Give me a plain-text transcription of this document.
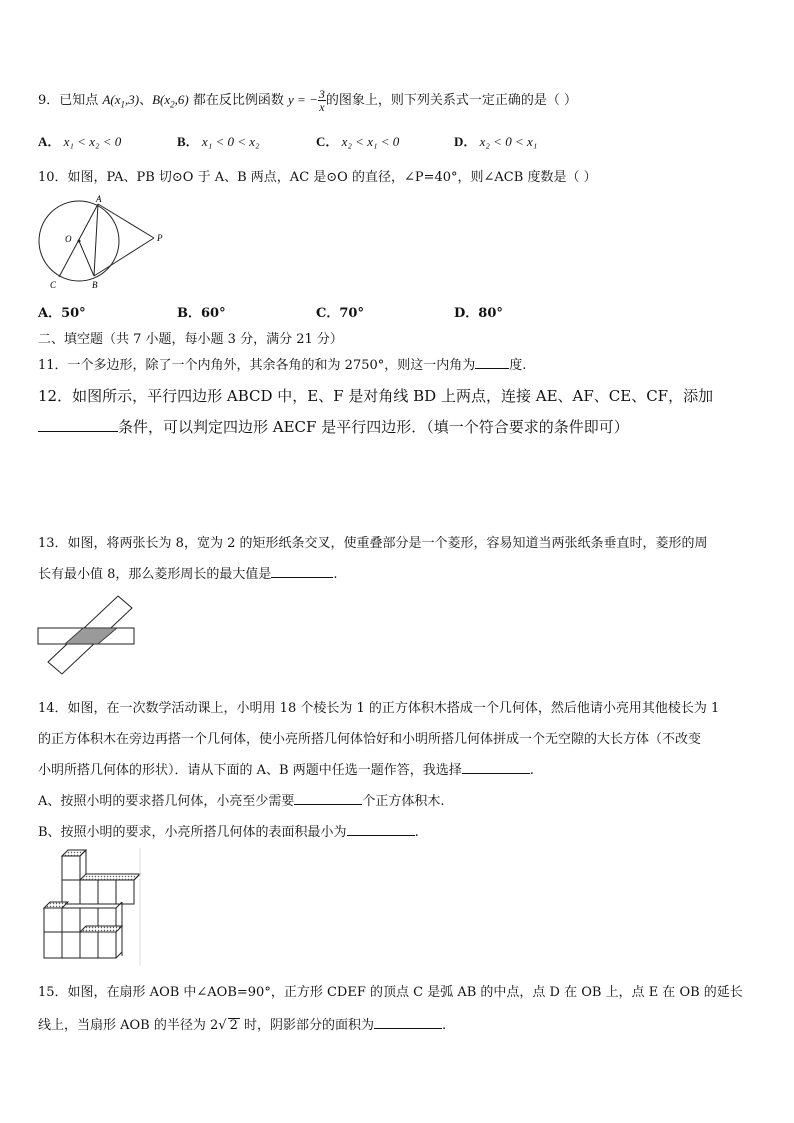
9．已知点 $A(x_1,3)$、$B(x_2,6)$ 都在反比例函数 y = − $\frac{3}{x}$ 的图象上，则下列关系式一定正确的是（ ）
A． x₁ < x₂ < 0	B． x₁ < 0 < x₂	C． x₂ < x₁ < 0	D． x₂ < 0 < x₁
10．如图，PA、PB 切⊙O 于 A、B 两点，AC 是⊙O 的直径，∠P=40°，则∠ACB 度数是（ ）
A
O	P
B
C
A．50°	B．60°	C．70°	D．80°
二、填空题（共 7 小题，每小题 3 分，满分 21 分）
11．一个多边形，除了一个内角外，其余各角的和为 2750°，则这一内角为	度.
12．如图所示，平行四边形 ABCD 中，E、F 是对角线 BD 上两点，连接 AE、AF、CE、CF，添加
条件，可以判定四边形 AECF 是平行四边形．（填一个符合要求的条件即可）
13．如图，将两张长为 8，宽为 2 的矩形纸条交叉，使重叠部分是一个菱形，容易知道当两张纸条垂直时，菱形的周
长有最小值 8，那么菱形周长的最大值是	.
14．如图，在一次数学活动课上，小明用 18 个棱长为 1 的正方体积木搭成一个几何体，然后他请小亮用其他棱长为 1
的正方体积木在旁边再搭一个几何体，使小亮所搭几何体恰好和小明所搭几何体拼成一个无空隙的大长方体（不改变
小明所搭几何体的形状）．请从下面的 A、B 两题中任选一题作答，我选择	.
A、按照小明的要求搭几何体，小亮至少需要	个正方体积木.
B、按照小明的要求，小亮所搭几何体的表面积最小为	.
15．如图，在扇形 AOB 中∠AOB=90°，正方形 CDEF 的顶点 C 是弧 AB 的中点，点 D 在 OB 上，点 E 在 OB 的延长
线上，当扇形 AOB 的半径为 2√ 2 时，阴影部分的面积为	.
